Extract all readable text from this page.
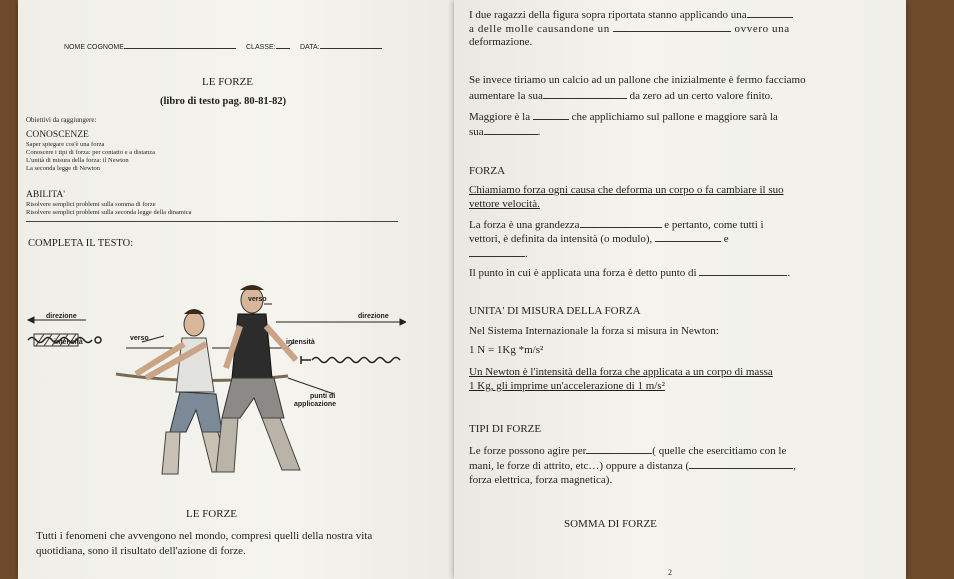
NOME COGNOME	CLASSE:	DATA:
LE FORZE
(libro di testo pag. 80-81-82)
Obiettivi da raggiungere:
CONOSCENZE
Saper spiegare cos'è una forza
Conoscere i tipi di forza: per contatto e a distanza
L'unità di misura della forza: il Newton
La seconda legge di Newton
ABILITA'
Risolvere semplici problemi sulla somma di forze
Risolvere semplici problemi sulla seconda legge della dinamica
COMPLETA IL TESTO:
direzione	direzione
verso
verso
intensità	intensità
punti di
applicazione
LE FORZE
Tutti i fenomeni che avvengono nel mondo, compresi quelli della nostra vita
quotidiana, sono il risultato dell'azione di forze.
I due ragazzi della figura sopra riportata stanno applicando una
a delle molle causandone un	ovvero una
deformazione.
Se invece tiriamo un calcio ad un pallone che inizialmente è fermo facciamo
aumentare la sua	da zero ad un certo valore finito.
Maggiore è la	che applichiamo sul pallone e maggiore sarà la
sua	.
FORZA
Chiamiamo forza ogni causa che deforma un corpo o fa cambiare il suo
vettore velocità.
La forza è una grandezza	e pertanto, come tutti i
vettori, è definita da intensità (o modulo),	e
.
Il punto in cui è applicata una forza è detto punto di	.
UNITA' DI MISURA DELLA FORZA
Nel Sistema Internazionale la forza si misura in Newton:
1 N = 1Kg *m/s²
Un Newton è l'intensità della forza che applicata a un corpo di massa
1 Kg, gli imprime un'accelerazione di 1 m/s²
TIPI DI FORZE
Le forze possono agire per	( quelle che esercitiamo con le
mani, le forze di attrito, etc…) oppure a distanza (	,
forza elettrica, forza magnetica).
SOMMA DI FORZE
2
